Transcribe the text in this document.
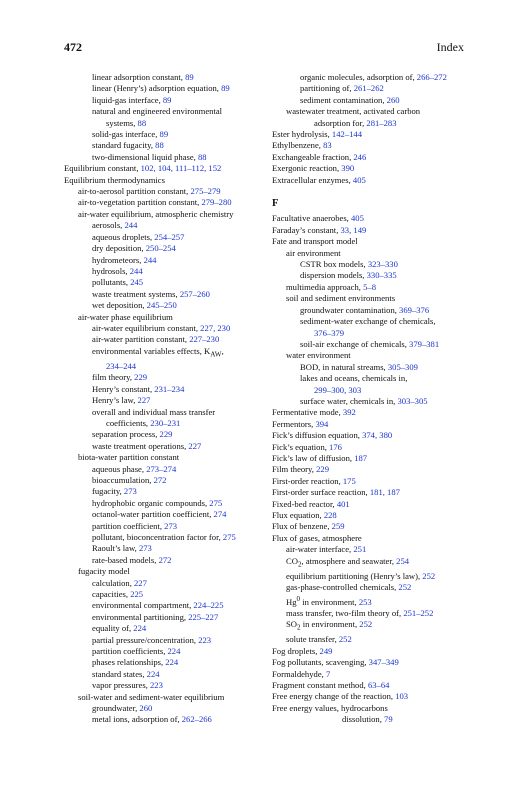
472	Index
linear adsorption constant, 89
linear (Henry’s) adsorption equation, 89
liquid-gas interface, 89
natural and engineered environmental
systems, 88
solid-gas interface, 89
standard fugacity, 88
two-dimensional liquid phase, 88
Equilibrium constant, 102, 104, 111–112, 152
Equilibrium thermodynamics
air-to-aerosol partition constant, 275–279
air-to-vegetation partition constant, 279–280
air-water equilibrium, atmospheric chemistry
aerosols, 244
aqueous droplets, 254–257
dry deposition, 250–254
hydrometeors, 244
hydrosols, 244
pollutants, 245
waste treatment systems, 257–260
wet deposition, 245–250
air-water phase equilibrium
air-water equilibrium constant, 227, 230
air-water partition constant, 227–230
environmental variables effects, $K_{AW}$,
234–244
film theory, 229
Henry’s constant, 231–234
Henry’s law, 227
overall and individual mass transfer
coefficients, 230–231
separation process, 229
waste treatment operations, 227
biota-water partition constant
aqueous phase, 273–274
bioaccumulation, 272
fugacity, 273
hydrophobic organic compounds, 275
octanol-water partition coefficient, 274
partition coefficient, 273
pollutant, bioconcentration factor for, 275
Raoult’s law, 273
rate-based models, 272
fugacity model
calculation, 227
capacities, 225
environmental compartment, 224–225
environmental partitioning, 225–227
equality of, 224
partial pressure/concentration, 223
partition coefficients, 224
phases relationships, 224
standard states, 224
vapor pressures, 223
soil-water and sediment-water equilibrium
groundwater, 260
metal ions, adsorption of, 262–266
organic molecules, adsorption of, 266–272
partitioning of, 261–262
sediment contamination, 260
wastewater treatment, activated carbon
adsorption for, 281–283
Ester hydrolysis, 142–144
Ethylbenzene, 83
Exchangeable fraction, 246
Exergonic reaction, 390
Extracellular enzymes, 405
F
Facultative anaerobes, 405
Faraday’s constant, 33, 149
Fate and transport model
air environment
CSTR box models, 323–330
dispersion models, 330–335
multimedia approach, 5–8
soil and sediment environments
groundwater contamination, 369–376
sediment-water exchange of chemicals,
376–379
soil-air exchange of chemicals, 379–381
water environment
BOD, in natural streams, 305–309
lakes and oceans, chemicals in,
299–300, 303
surface water, chemicals in, 303–305
Fermentative mode, 392
Fermentors, 394
Fick’s diffusion equation, 374, 380
Fick’s equation, 176
Fick’s law of diffusion, 187
Film theory, 229
First-order reaction, 175
First-order surface reaction, 181, 187
Fixed-bed reactor, 401
Flux equation, 228
Flux of benzene, 259
Flux of gases, atmosphere
air-water interface, 251
$CO_2$, atmosphere and seawater, 254
equilibrium partitioning (Henry’s law), 252
gas-phase-controlled chemicals, 252
Hg$^0$ in environment, 253
mass transfer, two-film theory of, 251–252
$SO_2$ in environment, 252
solute transfer, 252
Fog droplets, 249
Fog pollutants, scavenging, 347–349
Formaldehyde, 7
Fragment constant method, 63–64
Free energy change of the reaction, 103
Free energy values, hydrocarbons
dissolution, 79
